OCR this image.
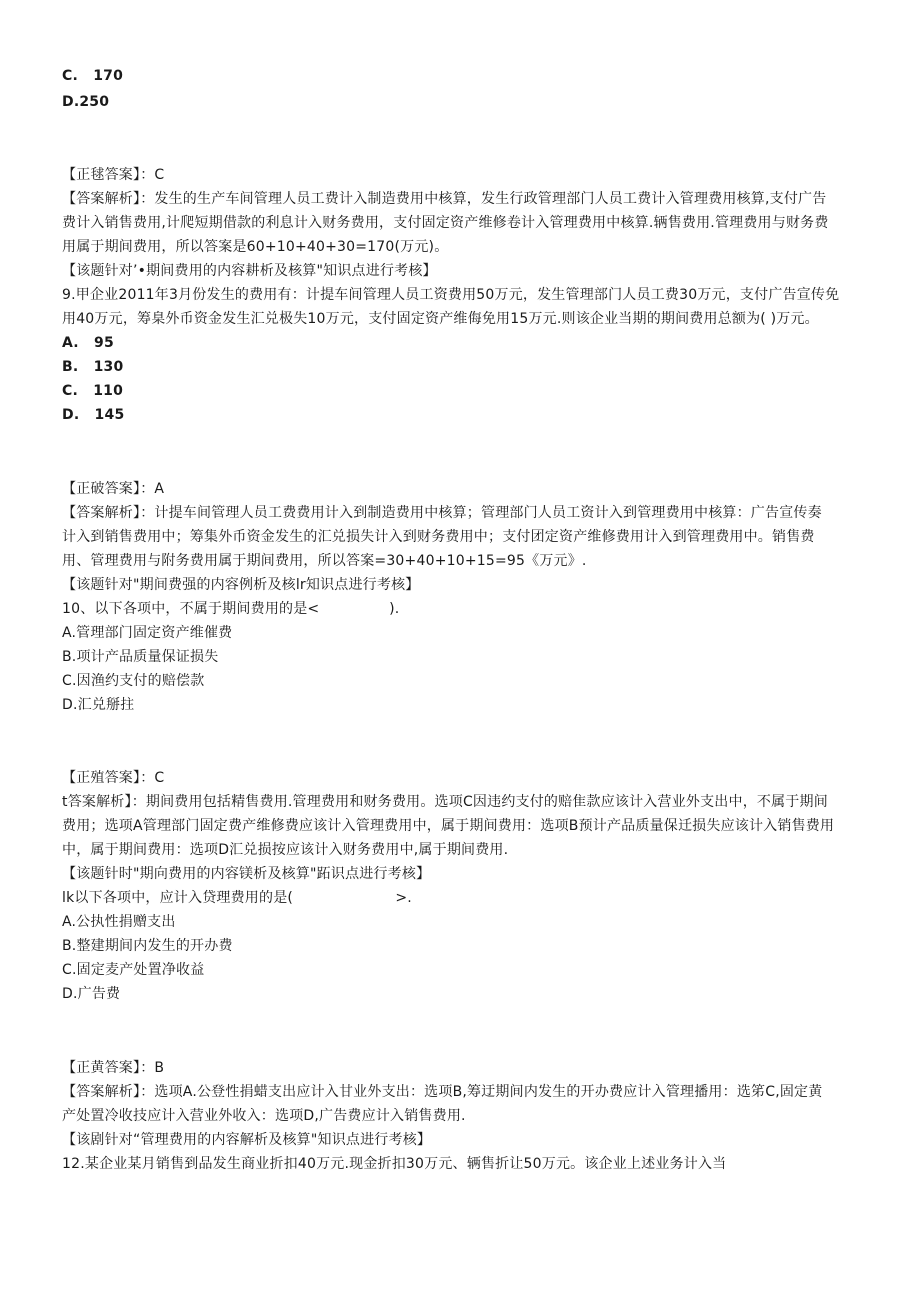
C.   170
D.250
【正毬答案】：C
【答案解析】：发生的生产车间管理人员工费计入制造费用中核算，发生行政管理部门人员工费计入管理费用核算,支付广告
费计入销售费用,计爬短期借款的利息计入财务费用，支付固定资产维修卷计入管理费用中核算.辆售费用.管理费用与财务费
用属于期间费用，所以答案是60+10+40+30=170(万元)。
【该题针对’•期间费用的内容耕析及核算"知识点进行考核】
9.甲企业2011年3月份发生的费用有：计提车间管理人员工资费用50万元，发生管理部门人员工费30万元，支付广告宣传免
用40万元，筹臬外币资金发生汇兑极失10万元，支付固定资产维侮免用15万元.则该企业当期的期间费用总额为( )万元。
A.   95
B.   130
C.   110
D.   145
【正破答案】：A
【答案解析】：计提车间管理人员工费费用计入到制造费用中核算；管理部门人员工资计入到管理费用中核算：广告宣传奏
计入到销售费用中；筹集外币资金发生的汇兑损失计入到财务费用中；支付团定资产维修费用计入到管理费用中。销售费
用、管理费用与附务费用属于期间费用，所以答案=30+40+10+15=95《万元》.
【该题针对"期间费强的内容例析及核lr知识点进行考核】
10、以下各项中，不属于期间费用的是<               ).
A.管理部门固定资产维催费
B.项计产品质量保证损失
C.因渔约支付的赔偿款
D.汇兑掰拄
【正殖答案】：C
t答案解析】：期间费用包括精售费用.管理费用和财务费用。选项C因违约支付的赔隹款应该计入营业外支出中，不属于期间
费用；选项A管理部门固定费产维修费应该计入管理费用中，属于期间费用：选项B预计产品质量保迁损失应该计入销售费用
中，属于期间费用：选项D汇兑损按应该计入财务费用中,属于期间费用.
【该题针时"期向费用的内容镁析及核算"跖识点进行考核】
lk以下各项中，应计入贷理费用的是(                      >.
A.公执性捐赠支出
B.整建期间内发生的开办费
C.固定麦产处置净收益
D.广告费
【正黄答案】：B
【答案解析】：选项A.公登性捐蜡支出应计入甘业外支出：选项B,筹迂期间内发生的开办费应计入管理播用：选笫C,固定黄
产处置冷收技应计入营业外收入：选项D,广告费应计入销售费用.
【该剧针对“管理费用的内容解析及核算"知识点进行考核】
12.某企业某月销售到品发生商业折扣40万元.现金折扣30万元、辆售折让50万元。该企业上述业务计入当
